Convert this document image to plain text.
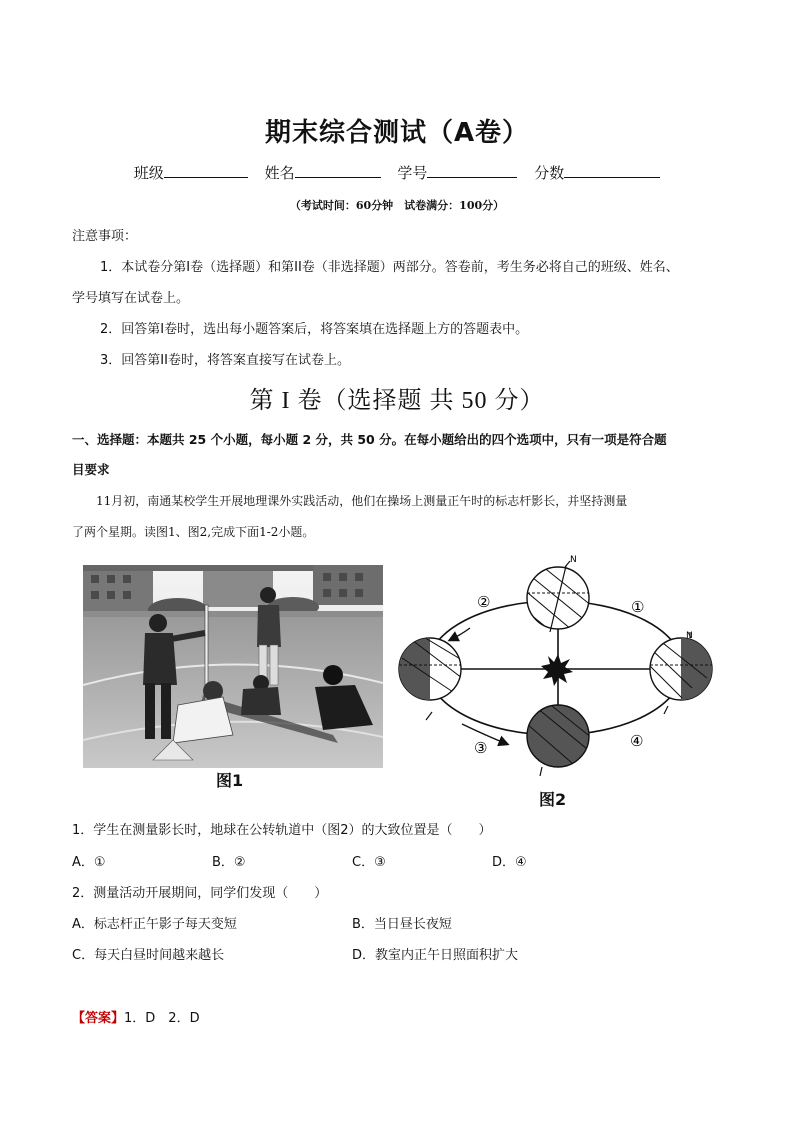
期末综合测试（A卷）
班级	姓名	学号	分数
（考试时间：60分钟　试卷满分：100分）
注意事项：
1．本试卷分第I卷（选择题）和第II卷（非选择题）两部分。答卷前，考生务必将自己的班级、姓名、
学号填写在试卷上。
2．回答第I卷时，选出每小题答案后，将答案填在选择题上方的答题表中。
3．回答第II卷时，将答案直接写在试卷上。
第 I 卷（选择题 共 50 分）
一、选择题：本题共 25 个小题，每小题 2 分，共 50 分。在每小题给出的四个选项中，只有一项是符合题
目要求
11月初，南通某校学生开展地理课外实践活动，他们在操场上测量正午时的标志杆影长，并坚持测量
了两个星期。读图1、图2,完成下面1-2小题。
图1
N
N
②	①
③	④
图2
1．学生在测量影长时，地球在公转轨道中（图2）的大致位置是（　　）
A．①	B．②	C．③	D．④
2．测量活动开展期间，同学们发现（　　）
A．标志杆正午影子每天变短	B．当日昼长夜短
C．每天白昼时间越来越长	D．教室内正午日照面积扩大
【答案】1．D　2．D
